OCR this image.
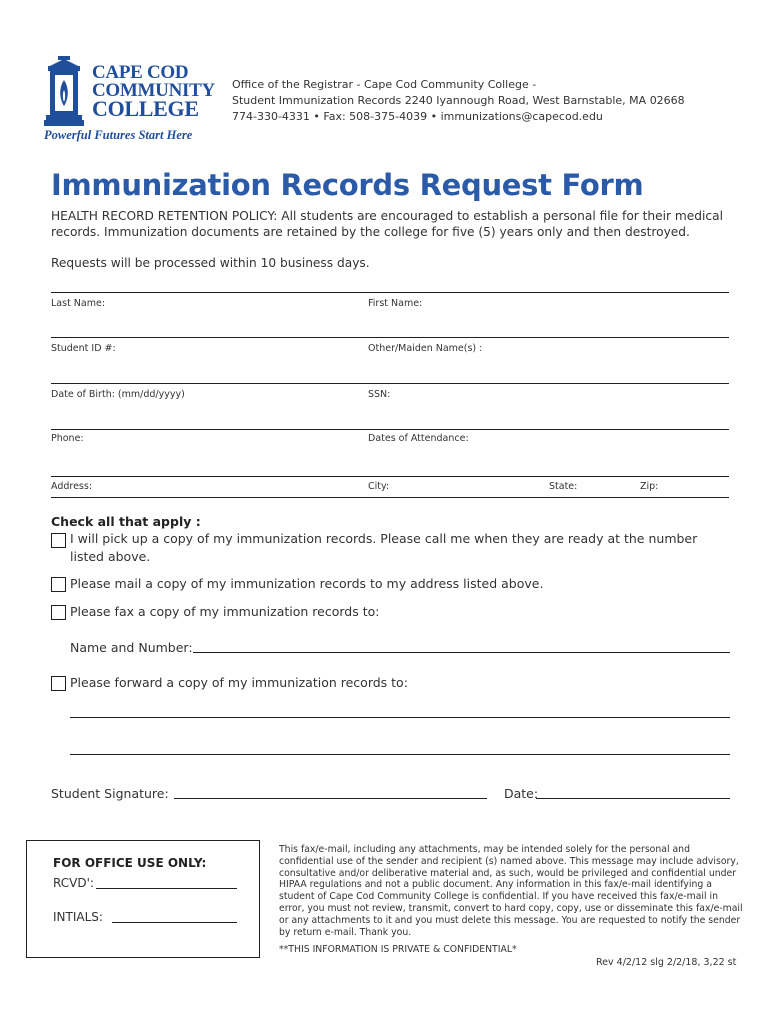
CAPE COD
COMMUNITY
COLLEGE
Powerful Futures Start Here
Office of the Registrar - Cape Cod Community College -
Student Immunization Records 2240 Iyannough Road, West Barnstable, MA 02668
774-330-4331 • Fax: 508-375-4039 • immunizations@capecod.edu
Immunization Records Request Form
HEALTH RECORD RETENTION POLICY: All students are encouraged to establish a personal file for their medical records. Immunization documents are retained by the college for five (5) years only and then destroyed.
Requests will be processed within 10 business days.
Last Name:	First Name:
Student ID #:	Other/Maiden Name(s) :
Date of Birth: (mm/dd/yyyy)	SSN:
Phone:	Dates of Attendance:
Address:	City:	State:	Zip:
Check all that apply :
I will pick up a copy of my immunization records. Please call me when they are ready at the number
listed above.
Please mail a copy of my immunization records to my address listed above.
Please fax a copy of my immunization records to:
Name and Number:
Please forward a copy of my immunization records to:
Student Signature:	Date:
FOR OFFICE USE ONLY:
RCVD':
INTIALS:
This fax/e-mail, including any attachments, may be intended solely for the personal and confidential use of the sender and recipient (s) named above. This message may include advisory, consultative and/or deliberative material and, as such, would be privileged and confidential under HIPAA regulations and not a public document. Any information in this fax/e-mail identifying a student of Cape Cod Community College is confidential. If you have received this fax/e-mail in error, you must not review, transmit, convert to hard copy, copy, use or disseminate this fax/e-mail or any attachments to it and you must delete this message. You are requested to notify the sender by return e-mail. Thank you.
**THIS INFORMATION IS PRIVATE & CONFIDENTIAL*
Rev 4/2/12 slg 2/2/18, 3,22 st
